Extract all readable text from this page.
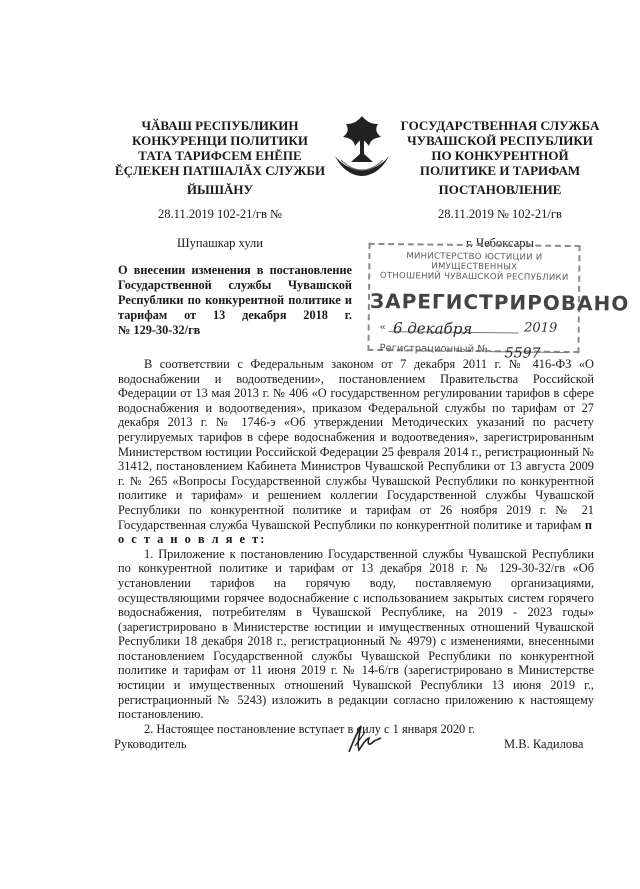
ЧӐВАШ РЕСПУБЛИКИН
КОНКУРЕНЦИ ПОЛИТИКИ
ТАТА ТАРИФСЕМ ЕНĔПЕ
ĔÇЛЕКЕН ПАТШАЛĂХ СЛУЖБИ
ЙЫШĂНУ
28.11.2019 102-21/гв №
Шупашкар хули
ГОСУДАРСТВЕННАЯ СЛУЖБА
ЧУВАШСКОЙ РЕСПУБЛИКИ
ПО КОНКУРЕНТНОЙ
ПОЛИТИКЕ И ТАРИФАМ
ПОСТАНОВЛЕНИЕ
28.11.2019 № 102-21/гв
г. Чебоксары
О внесении изменения в постановление
Государственной службы Чувашской
Республики по конкурентной политике и
тарифам от 13 декабря 2018 г.
№ 129-30-32/гв
МИНИСТЕРСТВО ЮСТИЦИИ И ИМУЩЕСТВЕННЫХ
ОТНОШЕНИЙ ЧУВАШСКОЙ РЕСПУБЛИКИ
ЗАРЕГИСТРИРОВАНО
« 6 декабря	2019
Регистрационный № 5597

В соответствии с Федеральным законом от 7 декабря 2011 г. № 416-ФЗ «О водоснабжении и водоотведении», постановлением Правительства Российской Федерации от 13 мая 2013 г. № 406 «О государственном регулировании тарифов в сфере водоснабжения и водоотведения», приказом Федеральной службы по тарифам от 27 декабря 2013 г. № 1746-э «Об утверждении Методических указаний по расчету регулируемых тарифов в сфере водоснабжения и водоотведения», зарегистрированным Министерством юстиции Российской Федерации 25 февраля 2014 г., регистрационный № 31412, постановлением Кабинета Министров Чувашской Республики от 13 августа 2009 г. № 265 «Вопросы Государственной службы Чувашской Республики по конкурентной политике и тарифам» и решением коллегии Государственной службы Чувашской Республики по конкурентной политике и тарифам от 26 ноября 2019 г. № 21 Государственная служба Чувашской Республики по конкурентной политике и тарифам п о с т а н о в л я е т:

1. Приложение к постановлению Государственной службы Чувашской Республики по конкурентной политике и тарифам от 13 декабря 2018 г. № 129-30-32/гв «Об установлении тарифов на горячую воду, поставляемую организациями, осуществляющими горячее водоснабжение с использованием закрытых систем горячего водоснабжения, потребителям в Чувашской Республике, на 2019 - 2023 годы» (зарегистрировано в Министерстве юстиции и имущественных отношений Чувашской Республики 18 декабря 2018 г., регистрационный № 4979) с изменениями, внесенными постановлением Государственной службы Чувашской Республики по конкурентной политике и тарифам от 11 июня 2019 г. № 14-6/гв (зарегистрировано в Министерстве юстиции и имущественных отношений Чувашской Республики 13 июня 2019 г., регистрационный № 5243) изложить в редакции согласно приложению к настоящему постановлению.

2. Настоящее постановление вступает в силу с 1 января 2020 г.

Руководитель	М.В. Кадилова
